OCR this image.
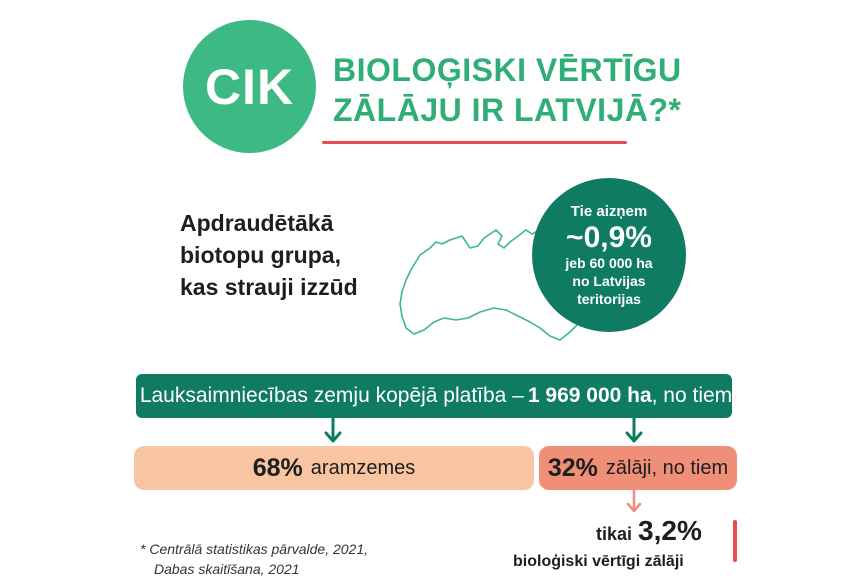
CIK BIOLOĢISKI VĒRTĪGU
ZĀLĀJU IR LATVIJĀ?*
Apdraudētākā
biotopu grupa,
kas strauji izzūd
Tie aizņem
~0,9%
jeb 60 000 ha
no Latvijas
teritorijas
Lauksaimniecības zemju kopējā platība – 1 969 000 ha , no tiem
68% aramzemes	32% zālāji, no tiem
tikai 3,2%
bioloģiski vērtīgi zālāji
* Centrālā statistikas pārvalde, 2021,
Dabas skaitīšana, 2021
